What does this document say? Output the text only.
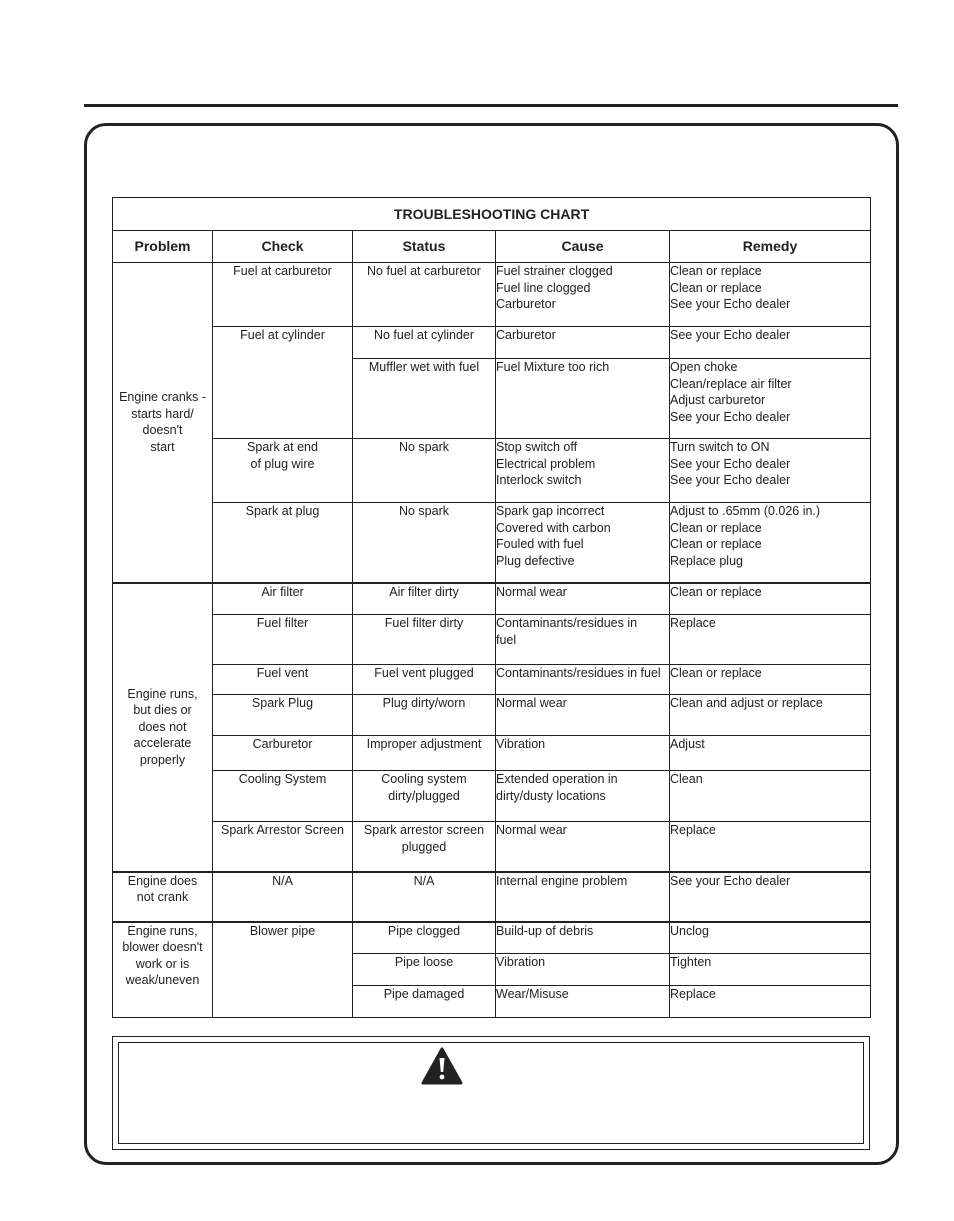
TROUBLESHOOTING CHART				
Problem	Check	Status	Cause	Remedy

Engine cranks -
starts hard/
doesn't
start	Fuel at carburetor	No fuel at carburetor	Fuel strainer clogged
Fuel line clogged
Carburetor	Clean or replace
Clean or replace
See your Echo dealer

	Fuel at cylinder	No fuel at cylinder	Carburetor	See your Echo dealer

		Muffler wet with fuel	Fuel Mixture too rich	Open choke
Clean/replace air filter
Adjust carburetor
See your Echo dealer

	Spark at end
of plug wire	No spark	Stop switch off
Electrical problem
Interlock switch	Turn switch to ON
See your Echo dealer
See your Echo dealer

	Spark at plug	No spark	Spark gap incorrect
Covered with carbon
Fouled with fuel
Plug defective	Adjust to .65mm (0.026 in.)
Clean or replace
Clean or replace
Replace plug

Engine runs,
but dies or
does not
accelerate
properly	Air filter	Air filter dirty	Normal wear	Clean or replace

	Fuel filter	Fuel filter dirty	Contaminants/residues in
fuel	Replace

	Fuel vent	Fuel vent plugged	Contaminants/residues in fuel	Clean or replace

	Spark Plug	Plug dirty/worn	Normal wear	Clean and adjust or replace

	Carburetor	Improper adjustment	Vibration	Adjust

	Cooling System	Cooling system
dirty/plugged	Extended operation in
dirty/dusty locations	Clean

	Spark Arrestor Screen	Spark arrestor screen
plugged	Normal wear	Replace

Engine does
not crank	N/A	N/A	Internal engine problem	See your Echo dealer

Engine runs,
blower doesn't
work or is
weak/uneven	Blower pipe	Pipe clogged	Build-up of debris	Unclog

		Pipe loose	Vibration	Tighten

		Pipe damaged	Wear/Misuse	Replace
